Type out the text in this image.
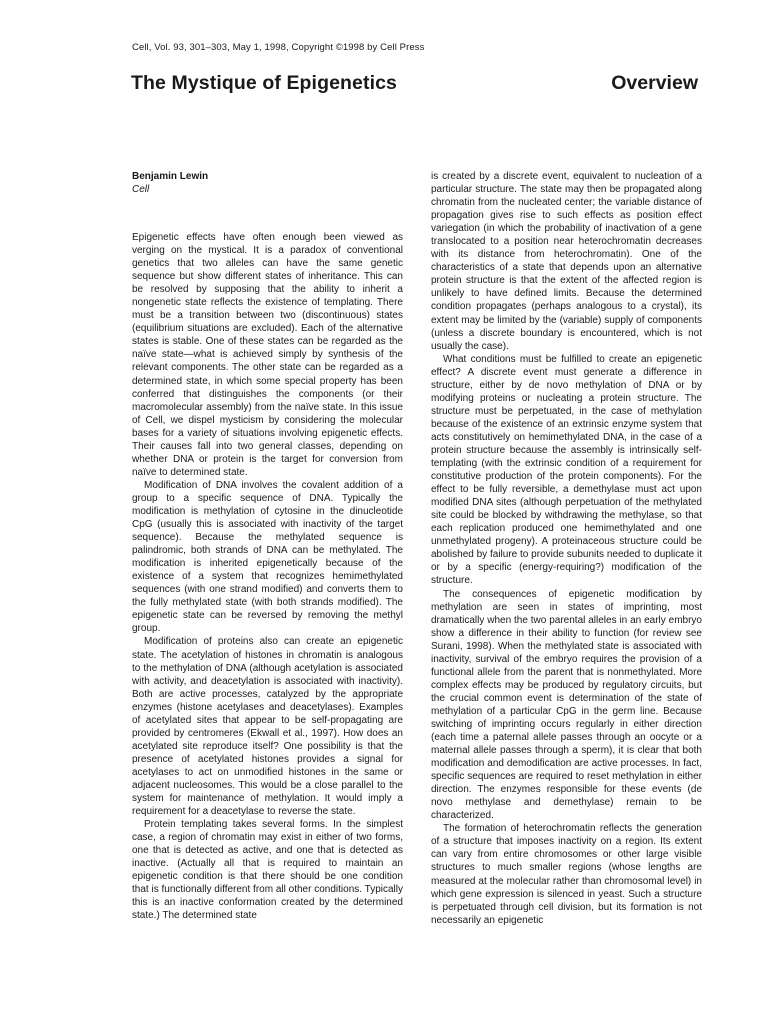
Cell, Vol. 93, 301–303, May 1, 1998, Copyright ©1998 by Cell Press
The Mystique of Epigenetics	Overview
Benjamin Lewin
Cell

Epigenetic effects have often enough been viewed as verging on the mystical. It is a paradox of conventional genetics that two alleles can have the same genetic sequence but show different states of inheritance. This can be resolved by supposing that the ability to inherit a nongenetic state reflects the existence of templating. There must be a transition between two (discontinuous) states (equilibrium situations are excluded). Each of the alternative states is stable. One of these states can be regarded as the naïve state—what is achieved simply by synthesis of the relevant components. The other state can be regarded as a determined state, in which some special property has been conferred that distinguishes the components (or their macromolecular assembly) from the naïve state. In this issue of Cell, we dispel mysticism by considering the molecular bases for a variety of situations involving epigenetic effects. Their causes fall into two general classes, depending on whether DNA or protein is the target for conversion from naïve to determined state.

Modification of DNA involves the covalent addition of a group to a specific sequence of DNA. Typically the modification is methylation of cytosine in the dinucleotide CpG (usually this is associated with inactivity of the target sequence). Because the methylated sequence is palindromic, both strands of DNA can be methylated. The modification is inherited epigenetically because of the existence of a system that recognizes hemimethylated sequences (with one strand modified) and converts them to the fully methylated state (with both strands modified). The epigenetic state can be reversed by removing the methyl group.

Modification of proteins also can create an epigenetic state. The acetylation of histones in chromatin is analogous to the methylation of DNA (although acetylation is associated with activity, and deacetylation is associated with inactivity). Both are active processes, catalyzed by the appropriate enzymes (histone acetylases and deacetylases). Examples of acetylated sites that appear to be self-propagating are provided by centromeres (Ekwall et al., 1997). How does an acetylated site reproduce itself? One possibility is that the presence of acetylated histones provides a signal for acetylases to act on unmodified histones in the same or adjacent nucleosomes. This would be a close parallel to the system for maintenance of methylation. It would imply a requirement for a deacetylase to reverse the state.

Protein templating takes several forms. In the simplest case, a region of chromatin may exist in either of two forms, one that is detected as active, and one that is detected as inactive. (Actually all that is required to maintain an epigenetic condition is that there should be one condition that is functionally different from all other conditions. Typically this is an inactive conformation created by the determined state.) The determined state

is created by a discrete event, equivalent to nucleation of a particular structure. The state may then be propagated along chromatin from the nucleated center; the variable distance of propagation gives rise to such effects as position effect variegation (in which the probability of inactivation of a gene translocated to a position near heterochromatin decreases with its distance from heterochromatin). One of the characteristics of a state that depends upon an alternative protein structure is that the extent of the affected region is unlikely to have defined limits. Because the determined condition propagates (perhaps analogous to a crystal), its extent may be limited by the (variable) supply of components (unless a discrete boundary is encountered, which is not usually the case).

What conditions must be fulfilled to create an epigenetic effect? A discrete event must generate a difference in structure, either by de novo methylation of DNA or by modifying proteins or nucleating a protein structure. The structure must be perpetuated, in the case of methylation because of the existence of an extrinsic enzyme system that acts constitutively on hemimethylated DNA, in the case of a protein structure because the assembly is intrinsically self-templating (with the extrinsic condition of a requirement for constitutive production of the protein components). For the effect to be fully reversible, a demethylase must act upon modified DNA sites (although perpetuation of the methylated site could be blocked by withdrawing the methylase, so that each replication produced one hemimethylated and one unmethylated progeny). A proteinaceous structure could be abolished by failure to provide subunits needed to duplicate it or by a specific (energy-requiring?) modification of the structure.

The consequences of epigenetic modification by methylation are seen in states of imprinting, most dramatically when the two parental alleles in an early embryo show a difference in their ability to function (for review see Surani, 1998). When the methylated state is associated with inactivity, survival of the embryo requires the provision of a functional allele from the parent that is nonmethylated. More complex effects may be produced by regulatory circuits, but the crucial common event is determination of the state of methylation of a particular CpG in the germ line. Because switching of imprinting occurs regularly in either direction (each time a paternal allele passes through an oocyte or a maternal allele passes through a sperm), it is clear that both modification and demodification are active processes. In fact, specific sequences are required to reset methylation in either direction. The enzymes responsible for these events (de novo methylase and demethylase) remain to be characterized.

The formation of heterochromatin reflects the generation of a structure that imposes inactivity on a region. Its extent can vary from entire chromosomes or other large visible structures to much smaller regions (whose lengths are measured at the molecular rather than chromosomal level) in which gene expression is silenced in yeast. Such a structure is perpetuated through cell division, but its formation is not necessarily an epigenetic
